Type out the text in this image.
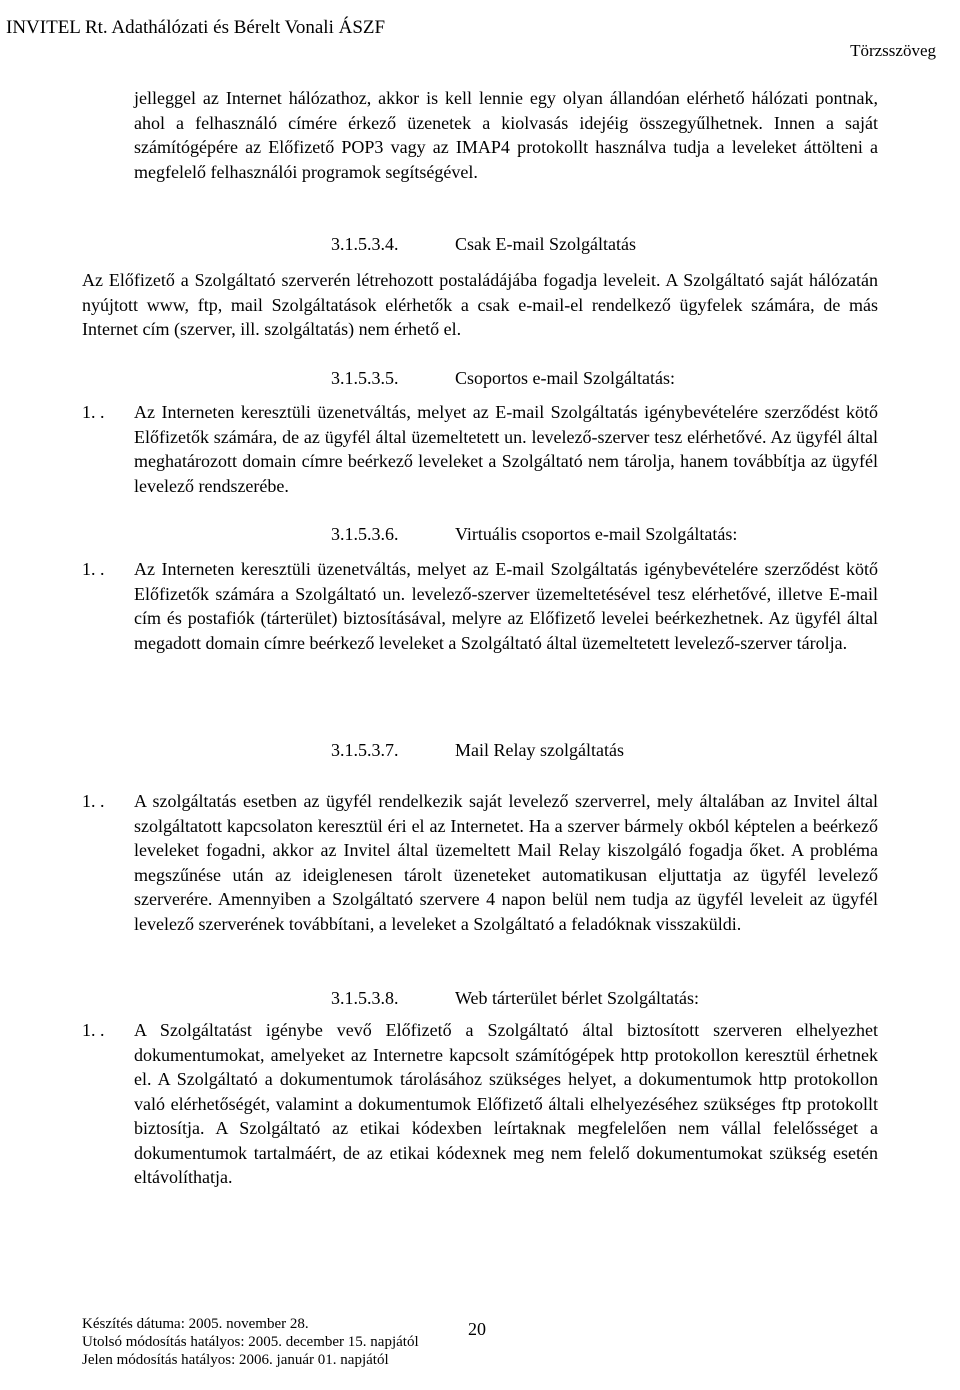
INVITEL Rt. Adathálózati és Bérelt Vonali ÁSZF
Törzsszöveg

jelleggel az Internet hálózathoz, akkor is kell lennie egy olyan állandóan elérhető hálózati pontnak, ahol a felhasználó címére érkező üzenetek a kiolvasás idejéig összegyűlhetnek. Innen a saját számítógépére az Előfizető POP3 vagy az IMAP4 protokollt használva tudja a leveleket áttölteni a megfelelő felhasználói programok segítségével.

3.1.5.3.4.	Csak E-mail Szolgáltatás
Az Előfizető a Szolgáltató szerverén létrehozott postaládájába fogadja leveleit. A Szolgáltató saját hálózatán nyújtott www, ftp, mail Szolgáltatások elérhetők a csak e-mail-el rendelkező ügyfelek számára, de más Internet cím (szerver, ill. szolgáltatás) nem érhető el.
3.1.5.3.5.	Csoportos e-mail Szolgáltatás:
1. .	Az Interneten keresztüli üzenetváltás, melyet az E-mail Szolgáltatás igénybevételére szerződést kötő Előfizetők számára, de az ügyfél által üzemeltetett un. levelező-szerver tesz elérhetővé. Az ügyfél által meghatározott domain címre beérkező leveleket a Szolgáltató nem tárolja, hanem továbbítja az ügyfél levelező rendszerébe.
3.1.5.3.6.	Virtuális csoportos e-mail Szolgáltatás:
1. .	Az Interneten keresztüli üzenetváltás, melyet az E-mail Szolgáltatás igénybevételére szerződést kötő Előfizetők számára a Szolgáltató un. levelező-szerver üzemeltetésével tesz elérhetővé, illetve E-mail cím és postafiók (tárterület) biztosításával, melyre az Előfizető levelei beérkezhetnek. Az ügyfél által megadott domain címre beérkező leveleket a Szolgáltató által üzemeltetett levelező-szerver tárolja.
3.1.5.3.7.	Mail Relay szolgáltatás
1. .	A szolgáltatás esetben az ügyfél rendelkezik saját levelező szerverrel, mely általában az Invitel által szolgáltatott kapcsolaton keresztül éri el az Internetet. Ha a szerver bármely okból képtelen a beérkező leveleket fogadni, akkor az Invitel által üzemeltett Mail Relay kiszolgáló fogadja őket. A probléma megszűnése után az ideiglenesen tárolt üzeneteket automatikusan eljuttatja az ügyfél levelező szerverére. Amennyiben a Szolgáltató szervere 4 napon belül nem tudja az ügyfél leveleit az ügyfél levelező szerverének továbbítani, a leveleket a Szolgáltató a feladóknak visszaküldi.
3.1.5.3.8.	Web tárterület bérlet Szolgáltatás:
1. .	A Szolgáltatást igénybe vevő Előfizető a Szolgáltató által biztosított szerveren elhelyezhet dokumentumokat, amelyeket az Internetre kapcsolt számítógépek http protokollon keresztül érhetnek el. A Szolgáltató a dokumentumok tárolásához szükséges helyet, a dokumentumok http protokollon való elérhetőségét, valamint a dokumentumok Előfizető általi elhelyezéséhez szükséges ftp protokollt biztosítja. A Szolgáltató az etikai kódexben leírtaknak megfelelően nem vállal felelősséget a dokumentumok tartalmáért, de az etikai kódexnek meg nem felelő dokumentumokat szükség esetén eltávolíthatja.
Készítés dátuma: 2005. november 28.
Utolsó módosítás hatályos: 2005. december 15. napjától
Jelen módosítás hatályos: 2006. január 01. napjától
20
